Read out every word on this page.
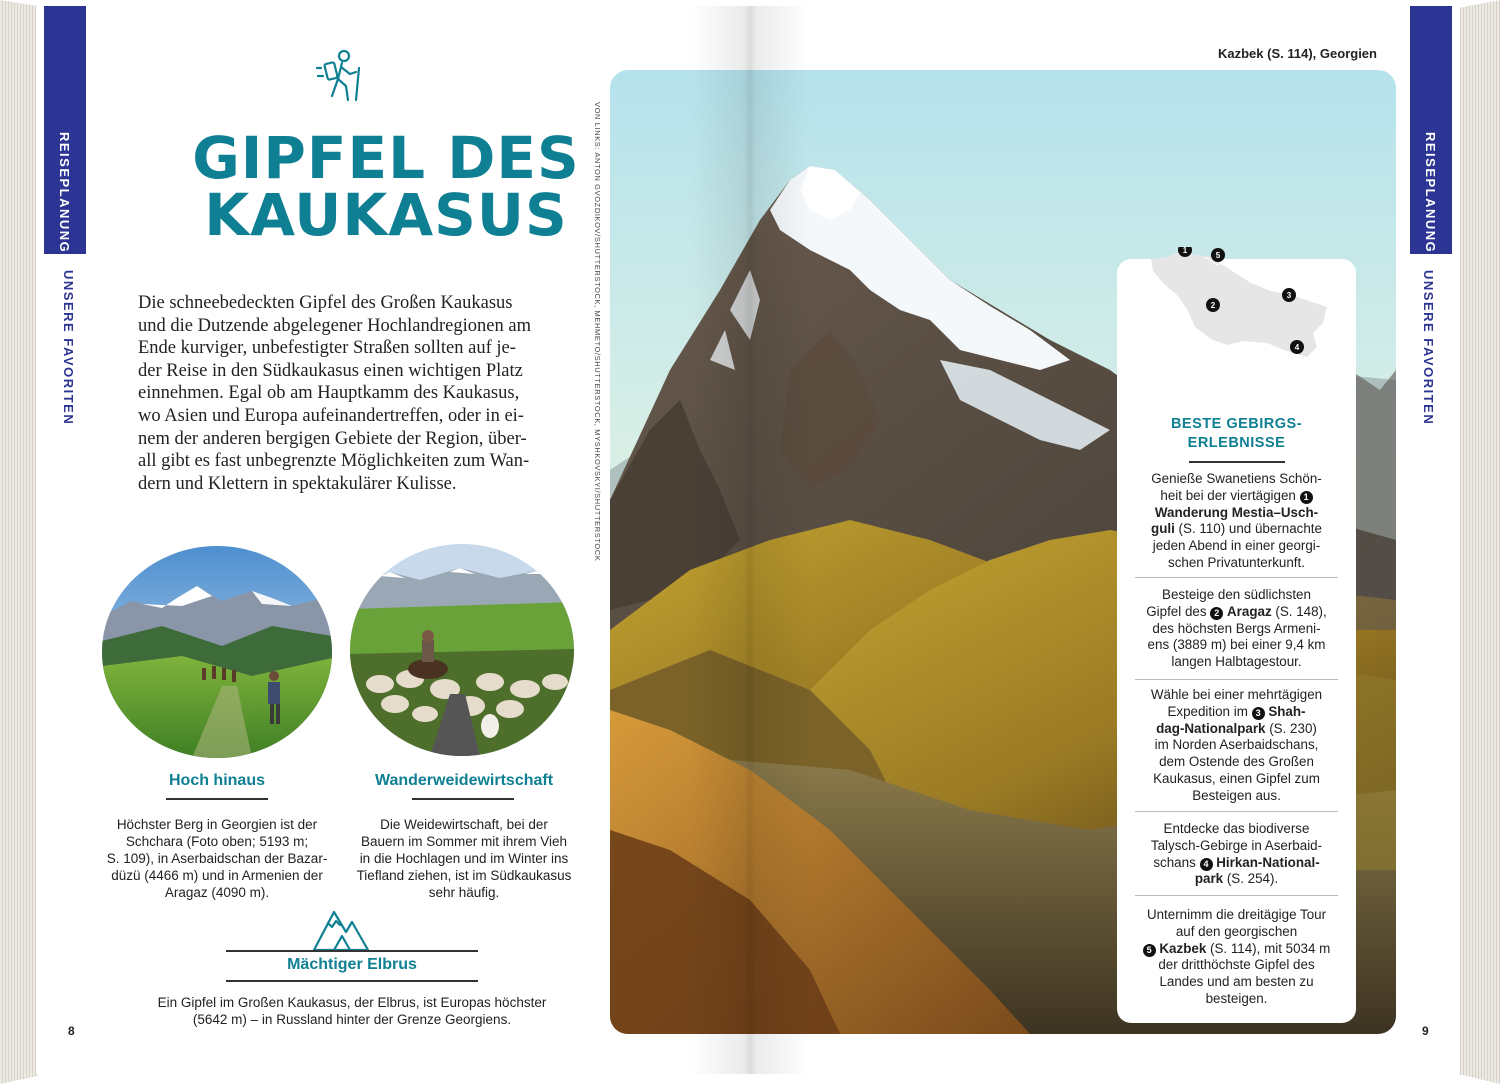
REISEPLANUNG
UNSERE FAVORITEN
GIPFEL DES
KAUKASUS

Die schneebedeckten Gipfel des Großen Kaukasus
und die Dutzende abgelegener Hochlandregionen am
Ende kurviger, unbefestigter Straßen sollten auf je-
der Reise in den Südkaukasus einen wichtigen Platz
einnehmen. Egal ob am Hauptkamm des Kaukasus,
wo Asien und Europa aufeinandertreffen, oder in ei-
nem der anderen bergigen Gebiete der Region, über-
all gibt es fast unbegrenzte Möglichkeiten zum Wan-
dern und Klettern in spektakulärer Kulisse.	VON LINKS: ANTON GVOZDIKOV/SHUTTERSTOCK, MEHMETO/SHUTTERSTOCK, MYSHKOVSKYI/SHUTTERSTOCK
Hoch hinaus

Höchster Berg in Georgien ist der
Schchara (Foto oben; 5193 m;
S. 109), in Aserbaidschan der Bazar-
düzü (4466 m) und in Armenien der
Aragaz (4090 m).

Wanderweidewirtschaft

Die Weidewirtschaft, bei der
Bauern im Sommer mit ihrem Vieh
in die Hochlagen und im Winter ins
Tiefland ziehen, ist im Südkaukasus
sehr häufig.

Mächtiger Elbrus

Ein Gipfel im Großen Kaukasus, der Elbrus, ist Europas höchster
(5642 m) – in Russland hinter der Grenze Georgiens.

8
Kazbek (S. 114), Georgien
REISEPLANUNG
UNSERE FAVORITEN
9
1
5
2
3
4
BESTE GEBIRGS-
ERLEBNISSE
Genieße Swanetiens Schön-
heit bei der viertägigen 1 Wanderung Mestia–Usch-
guli (S. 110) und übernachte
jeden Abend in einer georgi-
schen Privatunterkunft.
Besteige den südlichsten
Gipfel des 2 Aragaz (S. 148),
des höchsten Bergs Armeni-
ens (3889 m) bei einer 9,4 km
langen Halbtagestour.
Wähle bei einer mehrtägigen
Expedition im 3 Shah-
dag-Nationalpark (S. 230)
im Norden Aserbaidschans,
dem Ostende des Großen
Kaukasus, einen Gipfel zum
Besteigen aus.
Entdecke das biodiverse
Talysch-Gebirge in Aserbaid-
schans 4 Hirkan-National-
park (S. 254).
Unternimm die dreitägige Tour
auf den georgischen
5 Kazbek (S. 114), mit 5034 m
der dritthöchste Gipfel des
Landes und am besten zu
besteigen.
